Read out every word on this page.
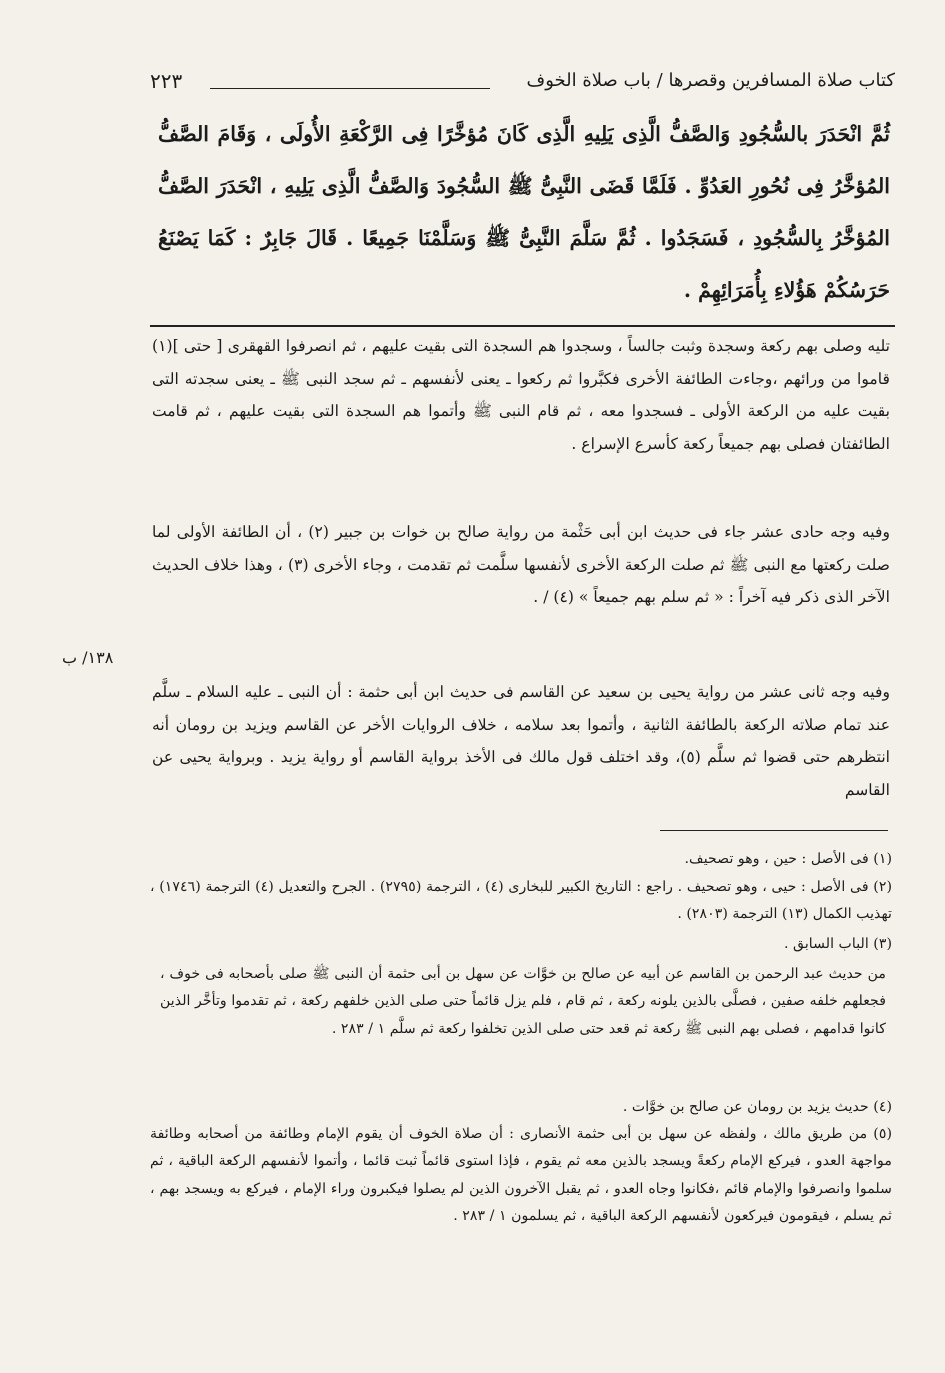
كتاب صلاة المسافرين وقصرها / باب صلاة الخوف
٢٢٣
ثُمَّ انْحَدَرَ بالسُّجُودِ وَالصَّفُّ الَّذِى يَلِيهِ الَّذِى كَانَ مُؤخَّرًا فِى الرَّكْعَةِ الأُولَى ، وَقَامَ الصَّفُّ المُؤخَّرُ فِى نُحُورِ العَدُوِّ . فَلَمَّا قَضَى النَّبِىُّ ﷺ السُّجُودَ وَالصَّفُّ الَّذِى يَلِيهِ ، انْحَدَرَ الصَّفُّ المُؤخَّرُ بِالسُّجُودِ ، فَسَجَدُوا . ثُمَّ سَلَّمَ النَّبِىُّ ﷺ وَسَلَّمْنَا جَمِيعًا . قَالَ جَابِرٌ : كَمَا يَصْنَعُ حَرَسُكُمْ هَؤُلاءِ بِأُمَرَائِهِمْ .
تليه وصلى بهم ركعة وسجدة وثبت جالساً ، وسجدوا هم السجدة التى بقيت عليهم ، ثم انصرفوا القهقرى [ حتى ](١) قاموا من ورائهم ،وجاءت الطائفة الأخرى فكبَّروا ثم ركعوا ـ يعنى لأنفسهم ـ ثم سجد النبى ﷺ ـ يعنى سجدته التى بقيت عليه من الركعة الأولى ـ فسجدوا معه ، ثم قام النبى ﷺ وأتموا هم السجدة التى بقيت عليهم ، ثم قامت الطائفتان فصلى بهم جميعاً ركعة كأسرع الإسراع .
وفيه وجه حادى عشر جاء فى حديث ابن أبى حَثْمة من رواية صالح بن خوات بن جبير (٢) ، أن الطائفة الأولى لما صلت ركعتها مع النبى ﷺ ثم صلت الركعة الأخرى لأنفسها سلَّمت ثم تقدمت ، وجاء الأخرى (٣) ، وهذا خلاف الحديث الآخر الذى ذكر فيه آخراً : « ثم سلم بهم جميعاً » (٤) / .
١٣٨/ ب
وفيه وجه ثانى عشر من رواية يحيى بن سعيد عن القاسم فى حديث ابن أبى حثمة : أن النبى ـ عليه السلام ـ سلَّم عند تمام صلاته الركعة بالطائفة الثانية ، وأتموا بعد سلامه ، خلاف الروايات الأخر عن القاسم ويزيد بن رومان أنه انتظرهم حتى قضوا ثم سلَّم (٥)، وقد اختلف قول مالك فى الأخذ برواية القاسم أو رواية يزيد . وبرواية يحيى عن القاسم
(١) فى الأصل : حين ، وهو تصحيف.
(٢) فى الأصل : حيى ، وهو تصحيف . راجع : التاريخ الكبير للبخارى (٤) ، الترجمة (٢٧٩٥) . الجرح والتعديل (٤) الترجمة (١٧٤٦) ، تهذيب الكمال (١٣) الترجمة (٢٨٠٣) .
(٣) الباب السابق .
من حديث عبد الرحمن بن القاسم عن أبيه عن صالح بن خوَّات عن سهل بن أبى حثمة أن النبى ﷺ صلى بأصحابه فى خوف ، فجعلهم خلفه صفين ، فصلَّى بالذين يلونه ركعة ، ثم قام ، فلم يزل قائماً حتى صلى الذين خلفهم ركعة ، ثم تقدموا وتأخَّر الذين كانوا قدامهم ، فصلى بهم النبى ﷺ ركعة ثم قعد حتى صلى الذين تخلفوا ركعة ثم سلَّم ١ / ٢٨٣ .
(٤) حديث يزيد بن رومان عن صالح بن خوَّات .
(٥) من طريق مالك ، ولفظه عن سهل بن أبى حثمة الأنصارى : أن صلاة الخوف أن يقوم الإمام وطائفة من أصحابه وطائفة مواجهة العدو ، فيركع الإمام ركعةً ويسجد بالذين معه ثم يقوم ، فإذا استوى قائماً ثبت قائما ، وأتموا لأنفسهم الركعة الباقية ، ثم سلموا وانصرفوا والإمام قائم ،فكانوا وجاه العدو ، ثم يقبل الآخرون الذين لم يصلوا فيكبرون وراء الإمام ، فيركع به ويسجد بهم ، ثم يسلم ، فيقومون فيركعون لأنفسهم الركعة الباقية ، ثم يسلمون ١ / ٢٨٣ .
